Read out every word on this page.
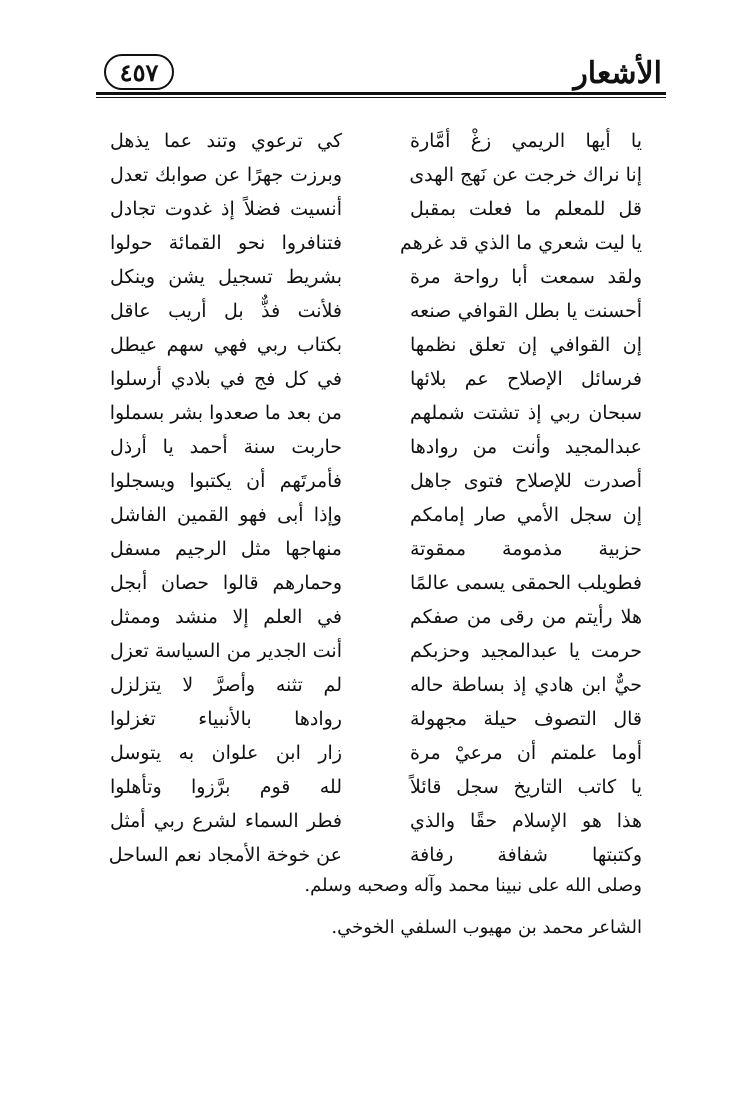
الأشعار
٤٥٧
يا أيها الريمي زغْ أمَّارة
كي ترعوي وتند عما يذهل
إنا نراك خرجت عن نَهج الهدى
وبرزت جهرًا عن صوابك تعدل
قل للمعلم ما فعلت بمقبل
أنسيت فضلاً إذ غدوت تجادل
يا ليت شعري ما الذي قد غرهم
فتنافروا نحو القمائة حولوا
ولقد سمعت أبا رواحة مرة
بشريط تسجيل يشن وينكل
أحسنت يا بطل القوافي صنعه
فلأنت فذٌّ بل أريب عاقل
إن القوافي إن تعلق نظمها
بكتاب ربي فهي سهم عيطل
فرسائل الإصلاح عم بلائها
في كل فج في بلادي أرسلوا
سبحان ربي إذ تشتت شملهم
من بعد ما صعدوا بشر بسملوا
عبدالمجيد وأنت من روادها
حاربت سنة أحمد يا أرذل
أصدرت للإصلاح فتوى جاهل
فأمرتَهم أن يكتبوا ويسجلوا
إن سجل الأمي صار إمامكم
وإذا أبى فهو القمين الفاشل
حزبية مذمومة ممقوتة
منهاجها مثل الرجيم مسفل
فطويلب الحمقى يسمى عالمًا
وحمارهم قالوا حصان أبجل
هلا رأيتم من رقى من صفكم
في العلم إلا منشد وممثل
حرمت يا عبدالمجيد وحزبكم
أنت الجدير من السياسة تعزل
حيٌّ ابن هادي إذ بساطة حاله
لم تثنه وأصرَّ لا يتزلزل
قال التصوف حيلة مجهولة
روادها بالأنبياء تغزلوا
أوما علمتم أن مرعيْ مرة
زار ابن علوان به يتوسل
يا كاتب التاريخ سجل قائلاً
لله قوم برَّزوا وتأهلوا
هذا هو الإسلام حقًا والذي
فطر السماء لشرع ربي أمثل
وكتبتها شفافة رفافة
عن خوخة الأمجاد نعم الساحل
وصلى الله على نبينا محمد وآله وصحبه وسلم.
الشاعر محمد بن مهيوب السلفي الخوخي.
